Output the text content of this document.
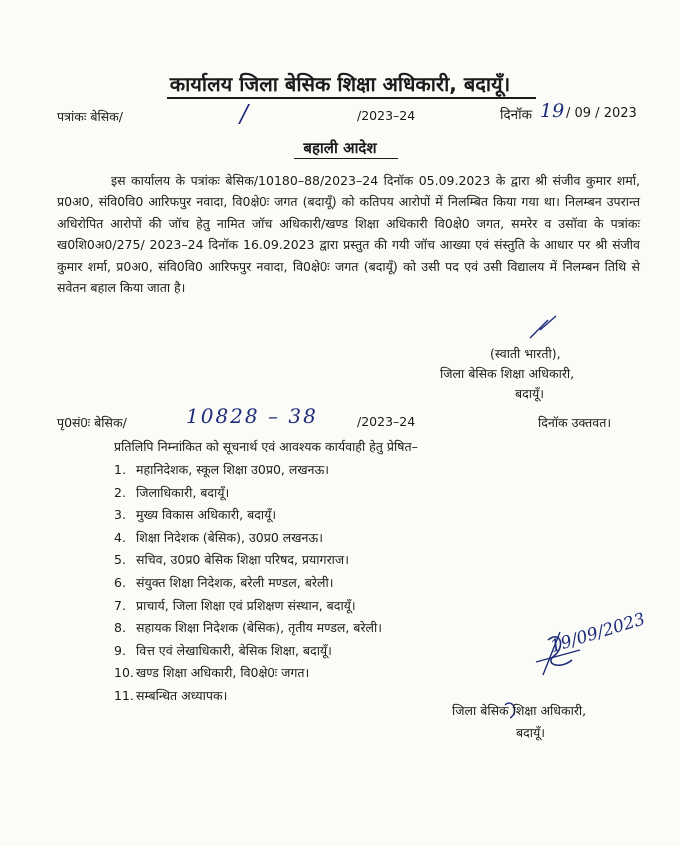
कार्यालय जिला बेसिक शिक्षा अधिकारी, बदायूँ।
पत्रांकः बेसिक/	/	/2023–24	दिनॉक 19 / 09 / 2023
बहाली आदेश
इस कार्यालय के पत्रांकः बेसिक/10180–88/2023–24 दिनॉक 05.09.2023 के द्वारा श्री संजीव कुमार शर्मा, प्र0अ0, संवि0वि0 आरिफपुर नवादा, वि0क्षे0ः जगत (बदायूँ) को कतिपय आरोपों में निलम्बित किया गया था। निलम्बन उपरान्त अधिरोपित आरोपों की जॉच हेतु नामित जॉच अधिकारी/खण्ड शिक्षा अधिकारी वि0क्षे0 जगत, समरेर व उसॉवा के पत्रांकः ख0शि0अ0/275/ 2023–24 दिनॉक 16.09.2023 द्वारा प्रस्तुत की गयी जॉच आख्या एवं संस्तुति के आधार पर श्री संजीव कुमार शर्मा, प्र0अ0, संवि0वि0 आरिफपुर नवादा, वि0क्षे0ः जगत (बदायूँ) को उसी पद एवं उसी विद्यालय में निलम्बन तिथि से सवेतन बहाल किया जाता है।
(स्वाती भारती),
जिला बेसिक शिक्षा अधिकारी,
बदायूँ।
पृ0सं0ः बेसिक/	10828 – 38	/2023–24	दिनॉक उक्तवत।
प्रतिलिपि निम्नांकित को सूचनार्थ एवं आवश्यक कार्यवाही हेतु प्रेषित–
1. महानिदेशक, स्कूल शिक्षा उ0प्र0, लखनऊ।
2. जिलाधिकारी, बदायूँ।
3. मुख्य विकास अधिकारी, बदायूँ।
4. शिक्षा निदेशक (बेसिक), उ0प्र0 लखनऊ।
5. सचिव, उ0प्र0 बेसिक शिक्षा परिषद, प्रयागराज।
6. संयुक्त शिक्षा निदेशक, बरेली मण्डल, बरेली।
7. प्राचार्य, जिला शिक्षा एवं प्रशिक्षण संस्थान, बदायूँ।
8. सहायक शिक्षा निदेशक (बेसिक), तृतीय मण्डल, बरेली।
9. वित्त एवं लेखाधिकारी, बेसिक शिक्षा, बदायूँ।
10. खण्ड शिक्षा अधिकारी, वि0क्षे0ः जगत।
11. सम्बन्धित अध्यापक।
19/09/2023
जिला बेसिक शिक्षा अधिकारी,
बदायूँ।
